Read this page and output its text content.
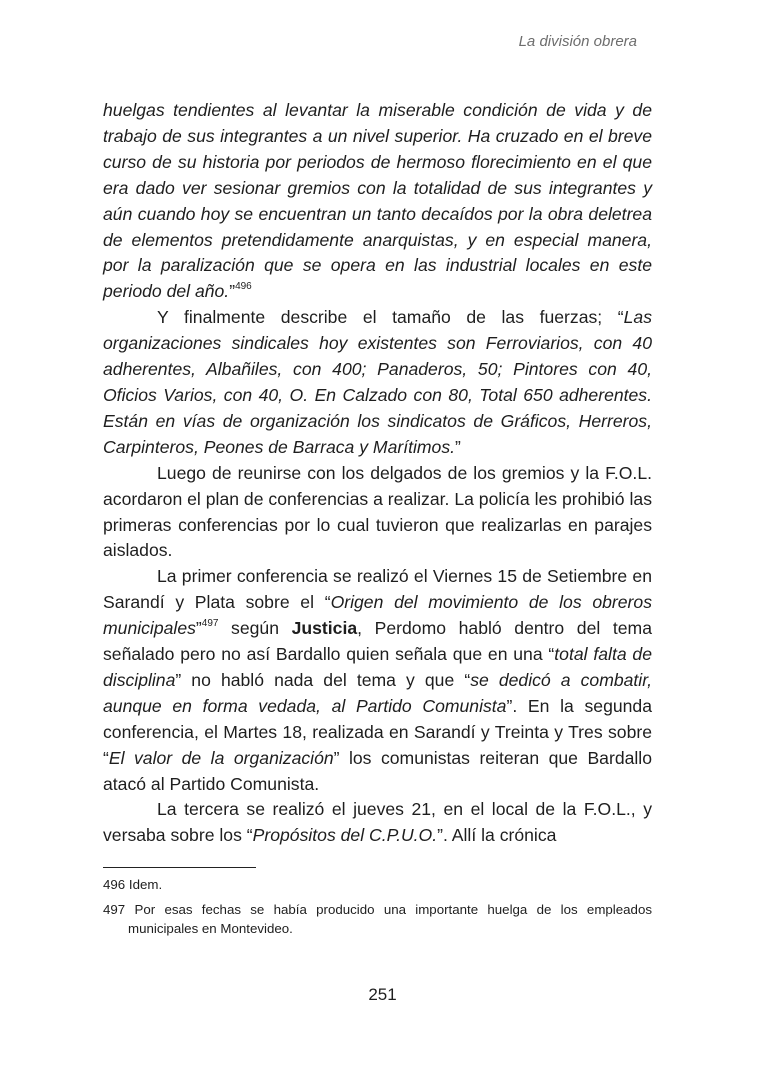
La división obrera

huelgas tendientes al levantar la miserable condición de vida y de trabajo de sus integrantes a un nivel superior. Ha cruzado en el breve curso de su historia por periodos de hermoso florecimiento en el que era dado ver sesionar gremios con la totalidad de sus integrantes y aún cuando hoy se encuentran un tanto decaídos por la obra deletrea de elementos pretendidamente anarquistas, y en especial manera, por la paralización que se opera en las industrial locales en este periodo del año.”$^{496}$

Y finalmente describe el tamaño de las fuerzas; “Las organizaciones sindicales hoy existentes son Ferroviarios, con 40 adherentes, Albañiles, con 400; Panaderos, 50; Pintores con 40, Oficios Varios, con 40, O. En Calzado con 80, Total 650 adherentes. Están en vías de organización los sindicatos de Gráficos, Herreros, Carpinteros, Peones de Barraca y Marítimos.”

Luego de reunirse con los delgados de los gremios y la F.O.L. acordaron el plan de conferencias a realizar. La policía les prohibió las primeras conferencias por lo cual tuvieron que realizarlas en parajes aislados.

La primer conferencia se realizó el Viernes 15 de Setiembre en Sarandí y Plata sobre el “Origen del movimiento de los obreros municipales”$^{497}$ según Justicia, Perdomo habló dentro del tema señalado pero no así Bardallo quien señala que en una “total falta de disciplina” no habló nada del tema y que “se dedicó a combatir, aunque en forma vedada, al Partido Comunista”. En la segunda conferencia, el Martes 18, realizada en Sarandí y Treinta y Tres sobre “El valor de la organización” los comunistas reiteran que Bardallo atacó al Partido Comunista.

La tercera se realizó el jueves 21, en el local de la F.O.L., y versaba sobre los “Propósitos del C.P.U.O.”. Allí la crónica

496 Idem.

497 Por esas fechas se había producido una importante huelga de los empleados municipales en Montevideo.

251
